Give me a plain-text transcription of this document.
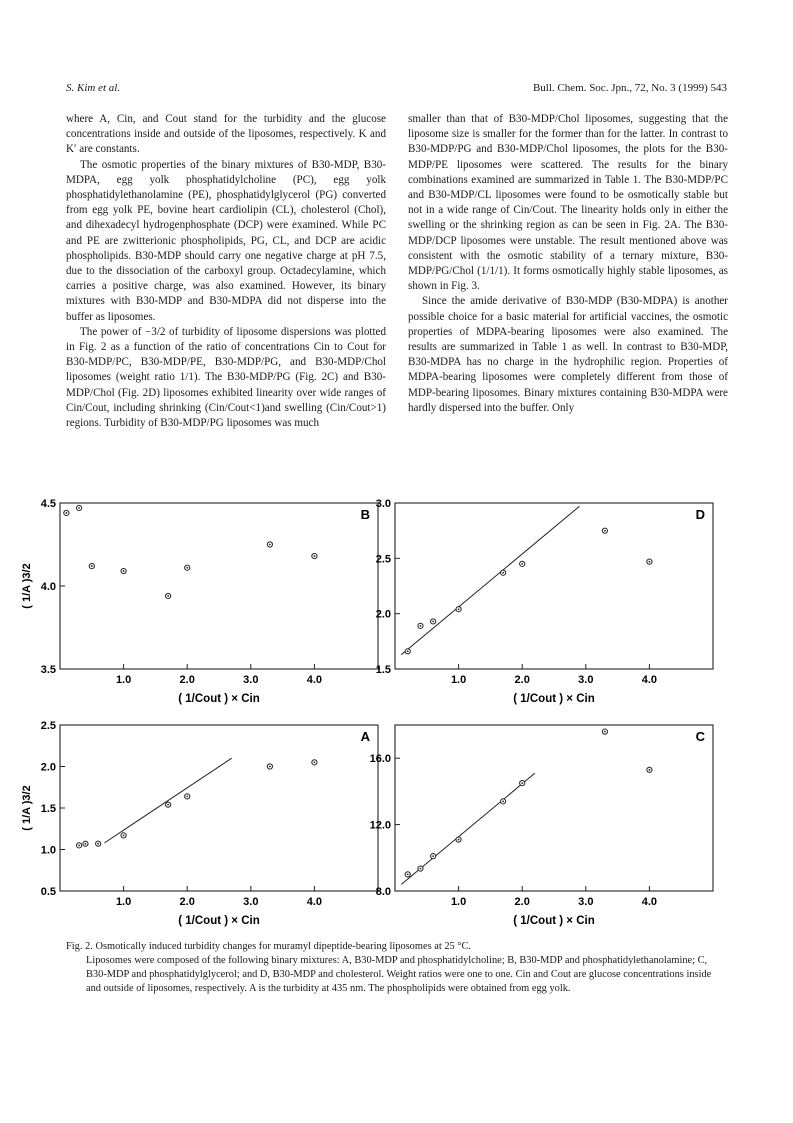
S. Kim et al.	Bull. Chem. Soc. Jpn., 72, No. 3 (1999) 543

where A, Cin, and Cout stand for the turbidity and the glucose concentrations inside and outside of the liposomes, respectively. K and K′ are constants.

The osmotic properties of the binary mixtures of B30-MDP, B30-MDPA, egg yolk phosphatidylcholine (PC), egg yolk phosphatidylethanolamine (PE), phosphatidylglycerol (PG) converted from egg yolk PE, bovine heart cardiolipin (CL), cholesterol (Chol), and dihexadecyl hydrogenphosphate (DCP) were examined. While PC and PE are zwitterionic phospholipids, PG, CL, and DCP are acidic phospholipids. B30-MDP should carry one negative charge at pH 7.5, due to the dissociation of the carboxyl group. Octadecylamine, which carries a positive charge, was also examined. However, its binary mixtures with B30-MDP and B30-MDPA did not disperse into the buffer as liposomes.

The power of −3/2 of turbidity of liposome dispersions was plotted in Fig. 2 as a function of the ratio of concentrations Cin to Cout for B30-MDP/PC, B30-MDP/PE, B30-MDP/PG, and B30-MDP/Chol liposomes (weight ratio 1/1). The B30-MDP/PG (Fig. 2C) and B30-MDP/Chol (Fig. 2D) liposomes exhibited linearity over wide ranges of Cin/Cout, including shrinking (Cin/Cout<1)and swelling (Cin/Cout>1) regions. Turbidity of B30-MDP/PG liposomes was much

smaller than that of B30-MDP/Chol liposomes, suggesting that the liposome size is smaller for the former than for the latter. In contrast to B30-MDP/PG and B30-MDP/Chol liposomes, the plots for the B30-MDP/PE liposomes were scattered. The results for the binary combinations examined are summarized in Table 1. The B30-MDP/PC and B30-MDP/CL liposomes were found to be osmotically stable but not in a wide range of Cin/Cout. The linearity holds only in either the swelling or the shrinking region as can be seen in Fig. 2A. The B30-MDP/DCP liposomes were unstable. The result mentioned above was consistent with the osmotic stability of a ternary mixture, B30-MDP/PG/Chol (1/1/1). It forms osmotically highly stable liposomes, as shown in Fig. 3.

Since the amide derivative of B30-MDP (B30-MDPA) is another possible choice for a basic material for artificial vaccines, the osmotic properties of MDPA-bearing liposomes were also examined. The results are summarized in Table 1 as well. In contrast to B30-MDP, B30-MDPA has no charge in the hydrophilic region. Properties of MDPA-bearing liposomes were completely different from those of MDP-bearing liposomes. Binary mixtures containing B30-MDPA were hardly dispersed into the buffer. Only

1.0	2.0	3.0	4.0
3.5
4.0
4.5
B
( 1/A )3/2
( 1/Cout ) × Cin
1.0	2.0	3.0	4.0
1.5
2.0
2.5
3.0
D
( 1/Cout ) × Cin
1.0	2.0	3.0	4.0
0.5
1.0
1.5
2.0
2.5
A
( 1/A )3/2
( 1/Cout ) × Cin
1.0	2.0	3.0	4.0
8.0
12.0
16.0
C
( 1/Cout ) × Cin

Fig. 2. Osmotically induced turbidity changes for muramyl dipeptide-bearing liposomes at 25 °C.

Liposomes were composed of the following binary mixtures: A, B30-MDP and phosphatidylcholine; B, B30-MDP and phosphatidylethanolamine; C, B30-MDP and phosphatidylglycerol; and D, B30-MDP and cholesterol. Weight ratios were one to one. Cin and Cout are glucose concentrations inside and outside of liposomes, respectively. A is the turbidity at 435 nm. The phospholipids were obtained from egg yolk.
